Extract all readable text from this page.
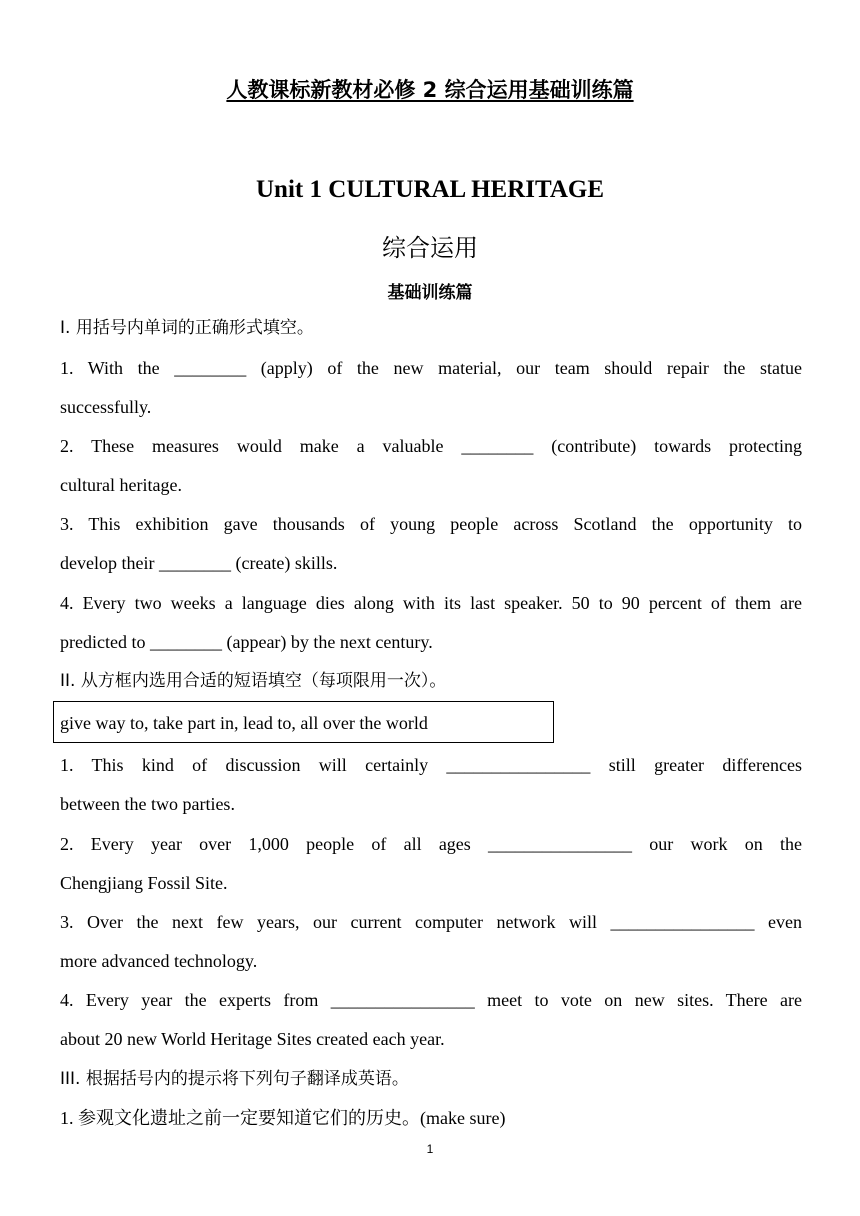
人教课标新教材必修 2 综合运用基础训练篇
Unit 1 CULTURAL HERITAGE
综合运用
基础训练篇
I. 用括号内单词的正确形式填空。
1. With the ________ (apply) of the new material, our team should repair the statue
successfully.
2. These measures would make a valuable ________ (contribute) towards protecting
cultural heritage.
3. This exhibition gave thousands of young people across Scotland the opportunity to
develop their ________ (create) skills.
4. Every two weeks a language dies along with its last speaker. 50 to 90 percent of them are
predicted to ________ (appear) by the next century.
II. 从方框内选用合适的短语填空（每项限用一次）。
give way to, take part in, lead to, all over the world
1. This kind of discussion will certainly ________________ still greater differences
between the two parties.
2. Every year over 1,000 people of all ages ________________ our work on the
Chengjiang Fossil Site.
3. Over the next few years, our current computer network will ________________ even
more advanced technology.
4. Every year the experts from ________________ meet to vote on new sites. There are
about 20 new World Heritage Sites created each year.
III. 根据括号内的提示将下列句子翻译成英语。
1. 参观文化遗址之前一定要知道它们的历史。(make sure)
1
